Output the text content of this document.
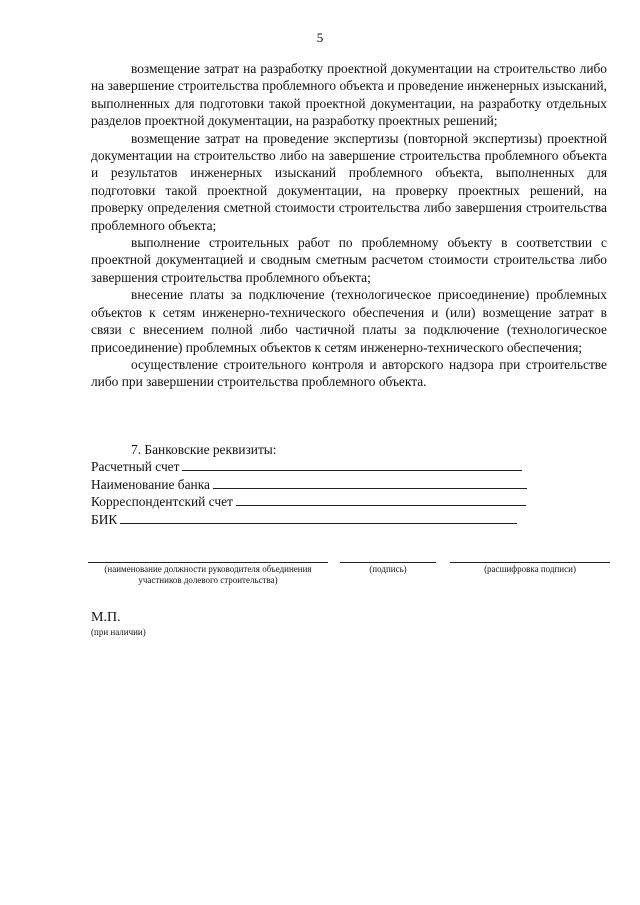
5

возмещение затрат на разработку проектной документации на строительство либо на завершение строительства проблемного объекта и проведение инженерных изысканий, выполненных для подготовки такой проектной документации, на разработку отдельных разделов проектной документации, на разработку проектных решений;

возмещение затрат на проведение экспертизы (повторной экспертизы) проектной документации на строительство либо на завершение строительства проблемного объекта и результатов инженерных изысканий проблемного объекта, выполненных для подготовки такой проектной документации, на проверку проектных решений, на проверку определения сметной стоимости строительства либо завершения строительства проблемного объекта;

выполнение строительных работ по проблемному объекту в соответствии с проектной документацией и сводным сметным расчетом стоимости строительства либо завершения строительства проблемного объекта;

внесение платы за подключение (технологическое присоединение) проблемных объектов к сетям инженерно-технического обеспечения и (или) возмещение затрат в связи с внесением полной либо частичной платы за подключение (технологическое присоединение) проблемных объектов к сетям инженерно-технического обеспечения;

осуществление строительного контроля и авторского надзора при строительстве либо при завершении строительства проблемного объекта.

7. Банковские реквизиты:

Расчетный счет
Наименование банка
Корреспондентский счет
БИК
(наименование должности руководителя объединения участников долевого строительства)
(подпись)	(расшифровка подписи)
М.П.
(при наличии)
